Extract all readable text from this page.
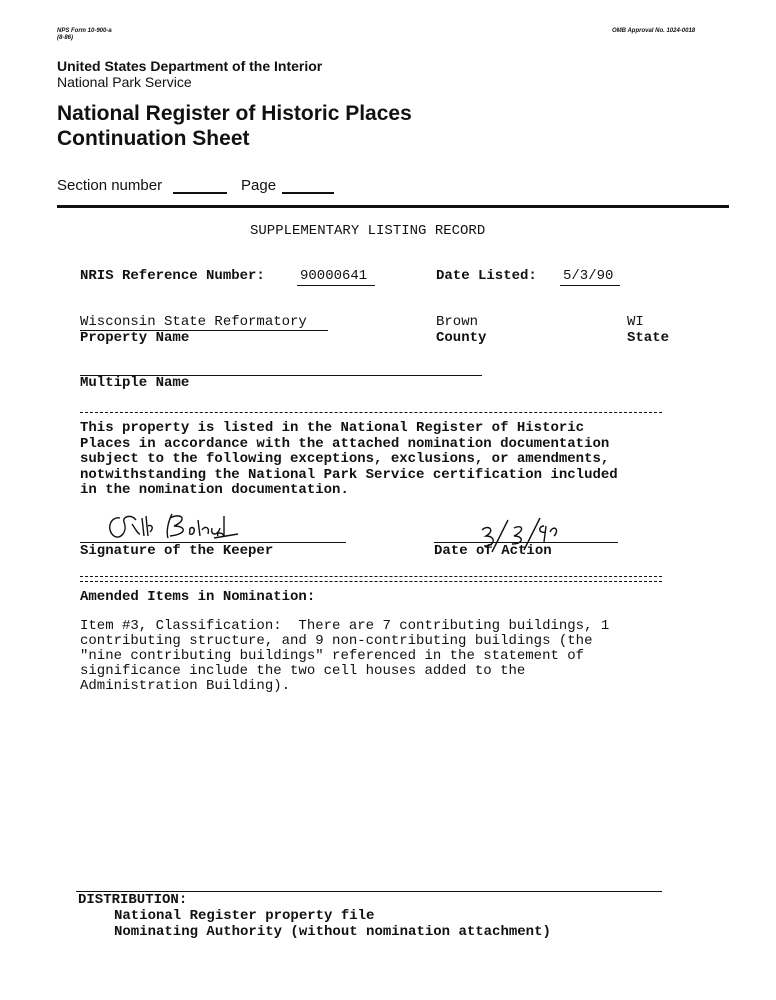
NPS Form 10-900-a
(8-86)
OMB Approval No. 1024-0018
United States Department of the Interior
National Park Service
National Register of Historic Places
Continuation Sheet
Section number	Page
SUPPLEMENTARY LISTING RECORD
NRIS Reference Number:	90000641	Date Listed: 5/3/90
Wisconsin State Reformatory
Property Name
Brown
County
WI
State
Multiple Name
This property is listed in the National Register of Historic
Places in accordance with the attached nomination documentation
subject to the following exceptions, exclusions, or amendments,
notwithstanding the National Park Service certification included
in the nomination documentation.
Signature of the Keeper	Date of Action
Amended Items in Nomination:
Item #3, Classification:  There are 7 contributing buildings, 1
contributing structure, and 9 non-contributing buildings (the
"nine contributing buildings" referenced in the statement of
significance include the two cell houses added to the
Administration Building).
DISTRIBUTION:
National Register property file
Nominating Authority (without nomination attachment)
